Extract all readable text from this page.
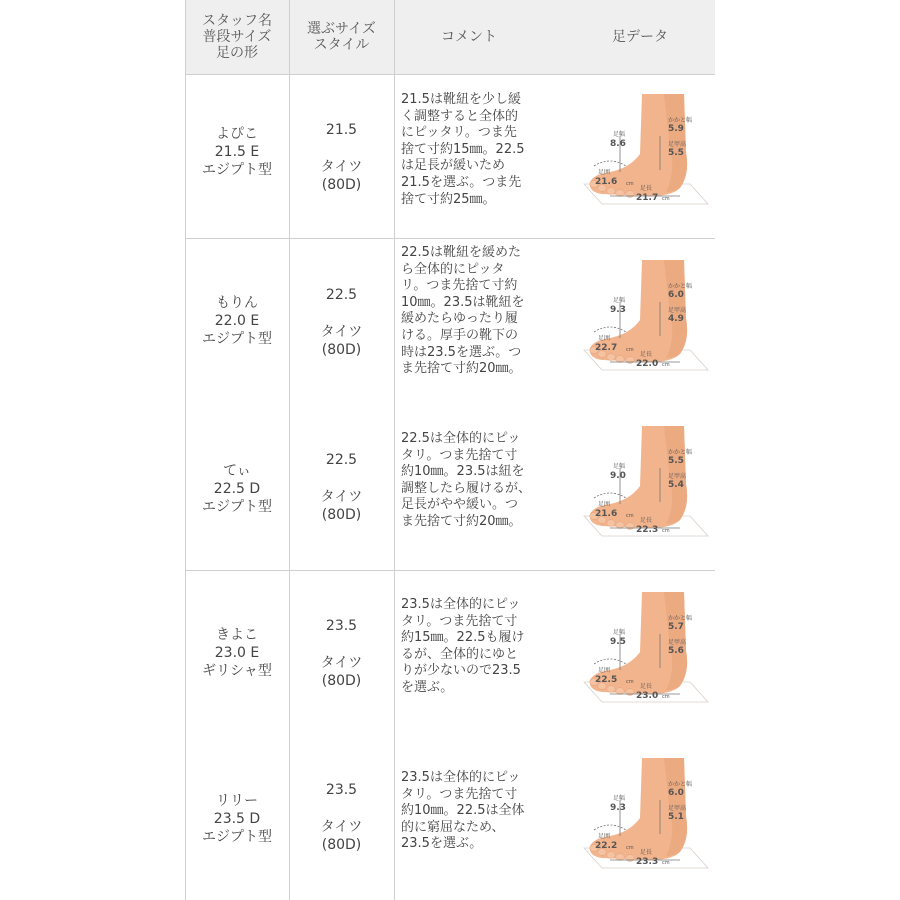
スタッフ名
普段サイズ
足の形
選ぶサイズ
スタイル	コメント	足データ
よぴこ
21.5 E
エジプト型
21.5
タイツ
(80D)
21.5は靴紐を少し緩
く調整すると全体的
にピッタリ。つま先
捨て寸約15㎜。22.5
は足長が緩いため
21.5を選ぶ。つま先
捨て寸約25㎜。
足幅
8.6
かかと幅
5.9
足甲高
5.5
足囲
21.6 cm
足長
21.7 cm
もりん
22.0 E
エジプト型
22.5
タイツ
(80D)
22.5は靴紐を緩めた
ら全体的にピッタ
リ。つま先捨て寸約
10㎜。23.5は靴紐を
緩めたらゆったり履
ける。厚手の靴下の
時は23.5を選ぶ。つ
ま先捨て寸約20㎜。
足幅
9.3
かかと幅
6.0
足甲高
4.9
足囲
22.7 cm
足長
22.0 cm
てぃ
22.5 D
エジプト型
22.5
タイツ
(80D)
22.5は全体的にピッ
タリ。つま先捨て寸
約10㎜。23.5は紐を
調整したら履けるが、
足長がやや緩い。つ
ま先捨て寸約20㎜。
足幅
9.0
かかと幅
5.5
足甲高
5.4
足囲
21.6 cm
足長
22.3 cm
きよこ
23.0 E
ギリシャ型
23.5
タイツ
(80D)
23.5は全体的にピッ
タリ。つま先捨て寸
約15㎜。22.5も履け
るが、全体的にゆと
りが少ないので23.5
を選ぶ。
足幅
9.5
かかと幅
5.7
足甲高
5.6
足囲
22.5 cm
足長
23.0 cm
リリー
23.5 D
エジプト型
23.5
タイツ
(80D)
23.5は全体的にピッ
タリ。つま先捨て寸
約10㎜。22.5は全体
的に窮屈なため、
23.5を選ぶ。
足幅
9.3
かかと幅
6.0
足甲高
5.1
足囲
22.2 cm
足長
23.3 cm
